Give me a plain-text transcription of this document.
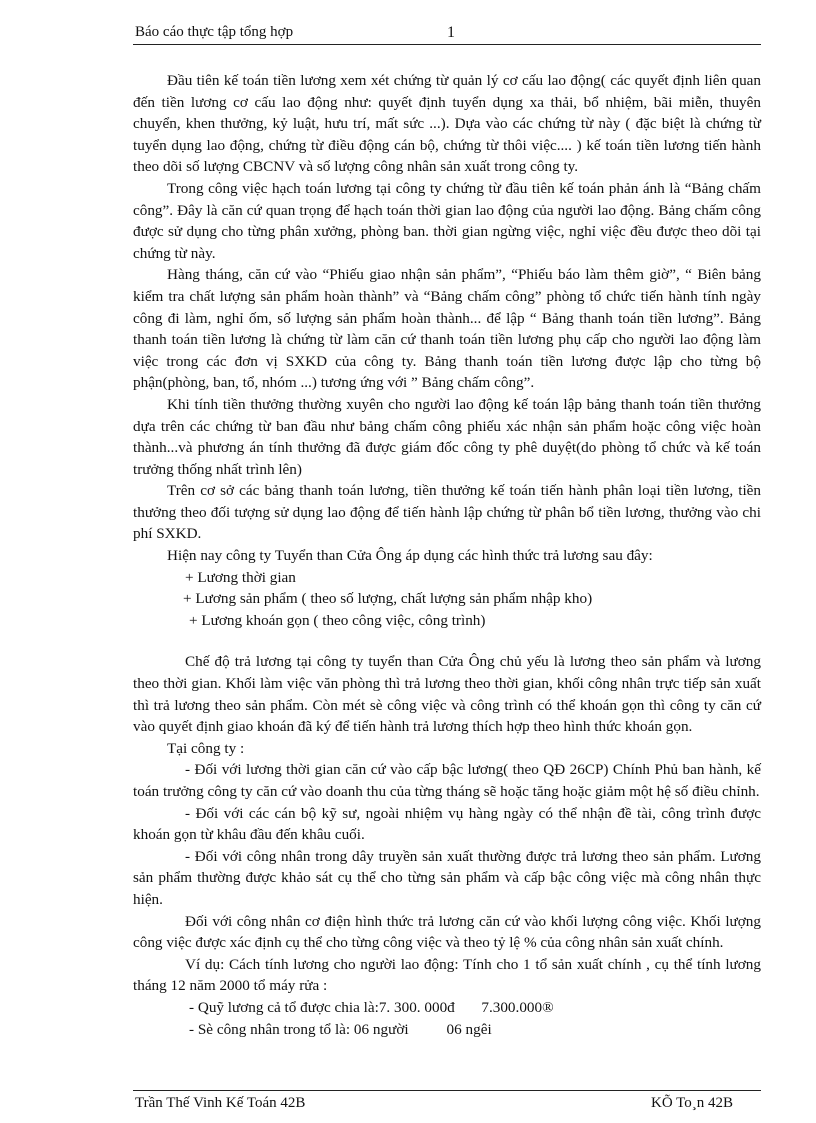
Báo cáo thực tập tổng hợp	1

Đầu tiên kế toán tiền lương xem xét chứng từ quản lý cơ cấu lao động( các quyết định liên quan đến tiền lương cơ cấu lao động như: quyết định tuyển dụng xa thải, bổ nhiệm, bãi miễn, thuyên chuyển, khen thưởng, kỷ luật, hưu trí, mất sức ...). Dựa vào các chứng từ này ( đặc biệt là chứng từ tuyển dụng lao động, chứng từ điều động cán bộ, chứng từ thôi việc.... ) kế toán tiền lương tiến hành theo dõi số lượng CBCNV và số lượng công nhân sản xuất trong công ty.

Trong công việc hạch toán lương tại công ty chứng từ đầu tiên kế toán phản ánh là “Bảng chấm công”. Đây là căn cứ quan trọng để hạch toán thời gian lao động của người lao động. Bảng chấm công được sử dụng cho từng phân xưởng, phòng ban. thời gian ngừng việc, nghỉ việc đều được theo dõi tại chứng từ này.

Hàng tháng, căn cứ vào “Phiếu giao nhận sản phẩm”, “Phiếu báo làm thêm giờ”, “ Biên bảng kiểm tra chất lượng sản phẩm hoàn thành” và “Bảng chấm công” phòng tổ chức tiến hành tính ngày công đi làm, nghỉ ốm, số lượng sản phẩm hoàn thành... để lập “ Bảng thanh toán tiền lương”. Bảng thanh toán tiền lương là chứng từ làm căn cứ thanh toán tiền lương phụ cấp cho người lao động làm việc trong các đơn vị SXKD của công ty. Bảng thanh toán tiền lương được lập cho từng bộ phận(phòng, ban, tổ, nhóm ...) tương ứng với ” Bảng chấm công”.

Khi tính tiền thưởng thường xuyên cho người lao động kế toán lập bảng thanh toán tiền thưởng dựa trên các chứng từ ban đầu như bảng chấm công phiếu xác nhận sản phẩm hoặc công việc hoàn thành...và phương án tính thưởng đã được giám đốc công ty phê duyệt(do phòng tổ chức và kế toán trưởng thống nhất trình lên)

Trên cơ sở các bảng thanh toán lương, tiền thưởng kế toán tiến hành phân loại tiền lương, tiền thưởng theo đối tượng sử dụng lao động để tiến hành lập chứng từ phân bổ tiền lương, thưởng vào chi phí SXKD.

Hiện nay công ty Tuyển than Cửa Ông áp dụng các hình thức trả lương sau đây:

+ Lương thời gian

+ Lương sản phẩm ( theo số lượng, chất lượng sản phẩm nhập kho)

+ Lương khoán gọn ( theo công việc, công trình)

Chế độ trả lương tại công ty tuyển than Cửa Ông chủ yếu là lương theo sản phẩm và lương theo thời gian. Khối làm việc văn phòng thì trả lương theo thời gian, khối công nhân trực tiếp sản xuất thì trả lương theo sản phẩm. Còn mét sè công việc và công trình có thể khoán gọn thì công ty căn cứ vào quyết định giao khoán đã ký để tiến hành trả lương thích hợp theo hình thức khoán gọn.

Tại công ty :

- Đối với lương thời gian căn cứ vào cấp bậc lương( theo QĐ 26CP) Chính Phủ ban hành, kế toán trưởng công ty căn cứ vào doanh thu của từng tháng sẽ hoặc tăng hoặc giảm một hệ số điều chỉnh.

- Đối với các cán bộ kỹ sư, ngoài nhiệm vụ hàng ngày có thể nhận đề tài, công trình được khoán gọn từ khâu đầu đến khâu cuối.

- Đối với công nhân trong dây truyền sản xuất thường được trả lương theo sản phẩm. Lương sản phẩm thường được khảo sát cụ thể cho từng sản phẩm và cấp bậc công việc mà công nhân thực hiện.

Đối với công nhân cơ điện hình thức trả lương căn cứ vào khối lượng công việc. Khối lượng công việc được xác định cụ thể cho từng công việc và theo tỷ lệ % của công nhân sản xuất chính.

Ví dụ: Cách tính lương cho người lao động: Tính cho 1 tổ sản xuất chính , cụ thể tính lương tháng 12 năm 2000 tổ máy rửa :

- Quỹ lương cả tổ được chia là:7. 300. 000đ       7.300.000®

- Sè công nhân trong tổ là: 06 người          06 ngêi

Trần Thế Vinh Kế Toán 42B	KÕ To¸n 42B
